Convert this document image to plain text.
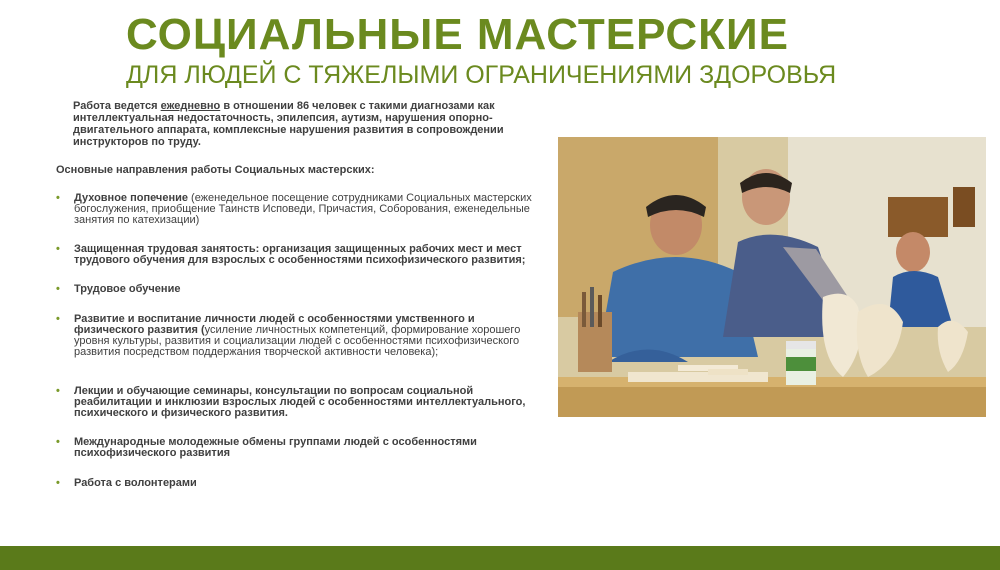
СОЦИАЛЬНЫЕ МАСТЕРСКИЕ
ДЛЯ ЛЮДЕЙ С ТЯЖЕЛЫМИ ОГРАНИЧЕНИЯМИ ЗДОРОВЬЯ
Работа ведется ежедневно в отношении 86 человек с такими диагнозами как интеллектуальная недостаточность, эпилепсия, аутизм, нарушения опорно-двигательного аппарата, комплексные нарушения развития в сопровождении инструкторов по труду.
Основные направления работы Социальных мастерских:
• Духовное попечение (еженедельное посещение сотрудниками Социальных мастерских богослужения, приобщение Таинств Исповеди, Причастия, Соборования, еженедельные занятия по катехизации)
• Защищенная трудовая занятость: организация защищенных рабочих мест и мест трудового обучения для взрослых с особенностями психофизического развития;
• Трудовое обучение
• Развитие и воспитание личности людей с особенностями умственного и физического развития (усиление личностных компетенций, формирование хорошего уровня культуры, развития и социализации людей с особенностями психофизического развития посредством поддержания творческой активности человека);
• Лекции и обучающие семинары, консультации по вопросам социальной реабилитации и инклюзии взрослых людей с особенностями интеллектуального, психического и физического развития.
• Международные молодежные обмены группами людей с особенностями психофизического развития
• Работа с волонтерами
